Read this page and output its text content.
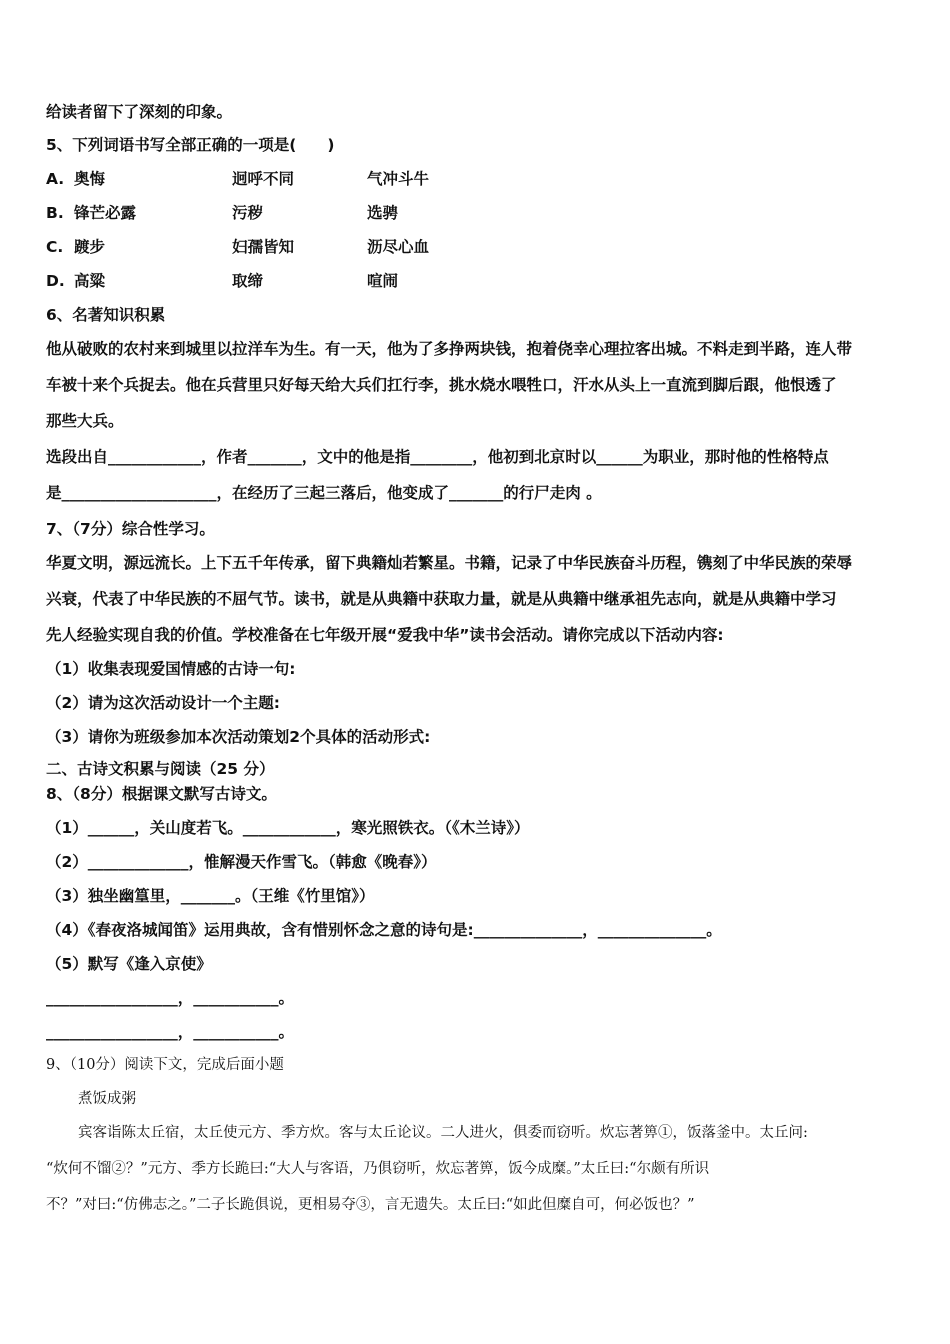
给读者留下了深刻的印象。
5、下列词语书写全部正确的一项是(　　)
A. 奥悔	迥呼不同	气冲斗牛
B. 锋芒必露	污秽	选骋
C. 踱步	妇孺皆知	沥尽心血
D. 高粱	取缔	喧闹
6、名著知识积累
他从破败的农村来到城里以拉洋车为生。有一天，他为了多挣两块钱，抱着侥幸心理拉客出城。不料走到半路，连人带
车被十来个兵捉去。他在兵营里只好每天给大兵们扛行李，挑水烧水喂牲口，汗水从头上一直流到脚后跟，他恨透了
那些大兵。
选段出自____________，作者_______，文中的他是指________，他初到北京时以______为职业，那时他的性格特点
是____________________，在经历了三起三落后，他变成了_______的行尸走肉 。
7、（7分）综合性学习。
华夏文明，源远流长。上下五千年传承，留下典籍灿若繁星。书籍，记录了中华民族奋斗历程，镌刻了中华民族的荣辱
兴衰，代表了中华民族的不屈气节。读书，就是从典籍中获取力量，就是从典籍中继承祖先志向，就是从典籍中学习
先人经验实现自我的价值。学校准备在七年级开展“爱我中华”读书会活动。请你完成以下活动内容:
（1）收集表现爱国情感的古诗一句:
（2）请为这次活动设计一个主题:
（3）请你为班级参加本次活动策划2个具体的活动形式:
二、古诗文积累与阅读（25 分）
8、（8分）根据课文默写古诗文。
（1）______，关山度若飞。____________，寒光照铁衣。（《木兰诗》）
（2）_____________，惟解漫天作雪飞。（韩愈《晚春》）
（3）独坐幽篁里，_______。（王维《竹里馆》）
（4）《春夜洛城闻笛》运用典故，含有惜别怀念之意的诗句是:______________，______________。
（5）默写《逢入京使》
_________________，___________。
_________________，___________。
9、（10分）阅读下文，完成后面小题
煮饭成粥
宾客诣陈太丘宿，太丘使元方、季方炊。客与太丘论议。二人进火，俱委而窃听。炊忘著箅①，饭落釜中。太丘问:
“炊何不馏②？”元方、季方长跪曰:“大人与客语，乃俱窃听，炊忘著箅，饭今成糜。”太丘曰:“尔颇有所识
不？”对曰:“仿佛志之。”二子长跪俱说，更相易夺③，言无遗失。太丘曰:“如此但糜自可，何必饭也？”
